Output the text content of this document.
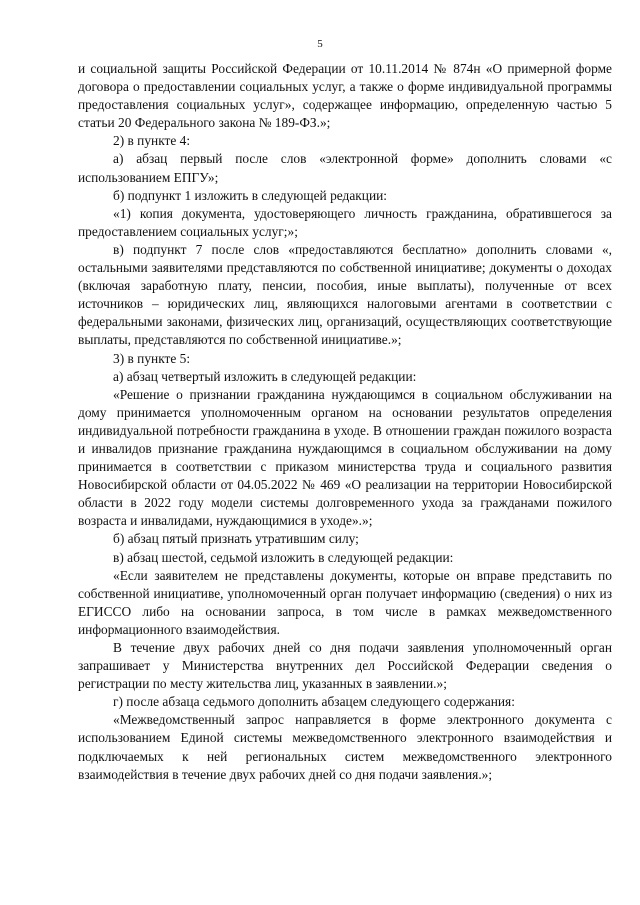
5

и социальной защиты Российской Федерации от 10.11.2014 № 874н «О примерной форме договора о предоставлении социальных услуг, а также о форме индивидуальной программы предоставления социальных услуг», содержащее информацию, определенную частью 5 статьи 20 Федерального закона № 189-ФЗ.»;

2) в пункте 4:

а) абзац первый после слов «электронной форме» дополнить словами «с использованием ЕПГУ»;

б) подпункт 1 изложить в следующей редакции:

«1) копия документа, удостоверяющего личность гражданина, обратившегося за предоставлением социальных услуг;»;

в) подпункт 7 после слов «предоставляются бесплатно» дополнить словами «, остальными заявителями представляются по собственной инициативе; документы о доходах (включая заработную плату, пенсии, пособия, иные выплаты), полученные от всех источников – юридических лиц, являющихся налоговыми агентами в соответствии с федеральными законами, физических лиц, организаций, осуществляющих соответствующие выплаты, представляются по собственной инициативе.»;

3) в пункте 5:

а) абзац четвертый изложить в следующей редакции:

«Решение о признании гражданина нуждающимся в социальном обслуживании на дому принимается уполномоченным органом на основании результатов определения индивидуальной потребности гражданина в уходе. В отношении граждан пожилого возраста и инвалидов признание гражданина нуждающимся в социальном обслуживании на дому принимается в соответствии с приказом министерства труда и социального развития Новосибирской области от 04.05.2022 № 469 «О реализации на территории Новосибирской области в 2022 году модели системы долговременного ухода за гражданами пожилого возраста и инвалидами, нуждающимися в уходе».»;

б) абзац пятый признать утратившим силу;

в) абзац шестой, седьмой изложить в следующей редакции:

«Если заявителем не представлены документы, которые он вправе представить по собственной инициативе, уполномоченный орган получает информацию (сведения) о них из ЕГИССО либо на основании запроса, в том числе в рамках межведомственного информационного взаимодействия.

В течение двух рабочих дней со дня подачи заявления уполномоченный орган запрашивает у Министерства внутренних дел Российской Федерации сведения о регистрации по месту жительства лиц, указанных в заявлении.»;

г) после абзаца седьмого дополнить абзацем следующего содержания:

«Межведомственный запрос направляется в форме электронного документа с использованием Единой системы межведомственного электронного взаимодействия и подключаемых к ней региональных систем межведомственного электронного взаимодействия в течение двух рабочих дней со дня подачи заявления.»;
